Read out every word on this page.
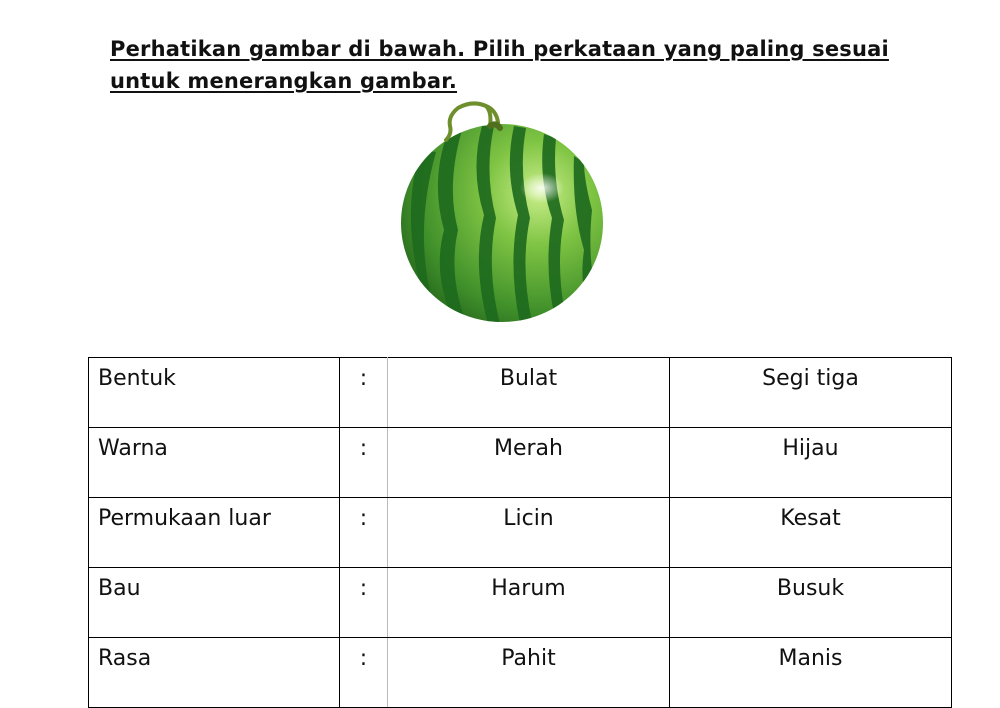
Perhatikan gambar di bawah. Pilih perkataan yang paling sesuai
untuk menerangkan gambar.

Bentuk	:	Bulat	Segi tiga
Warna	:	Merah	Hijau
Permukaan luar	:	Licin	Kesat
Bau	:	Harum	Busuk
Rasa	:	Pahit	Manis
